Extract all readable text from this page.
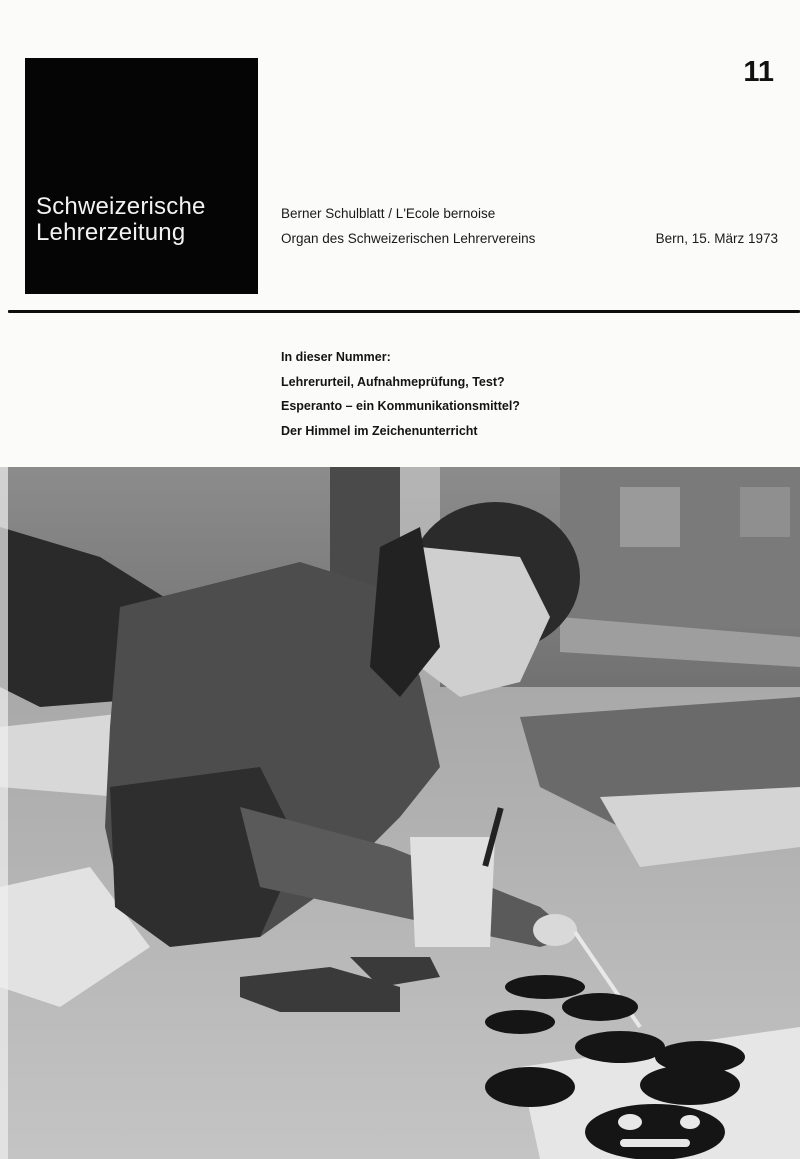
Schweizerische
Lehrerzeitung
11
Berner Schulblatt / L'Ecole bernoise
Organ des Schweizerischen Lehrervereins	Bern, 15. März 1973
In dieser Nummer:
Lehrerurteil, Aufnahmeprüfung, Test?
Esperanto – ein Kommunikationsmittel?
Der Himmel im Zeichenunterricht
